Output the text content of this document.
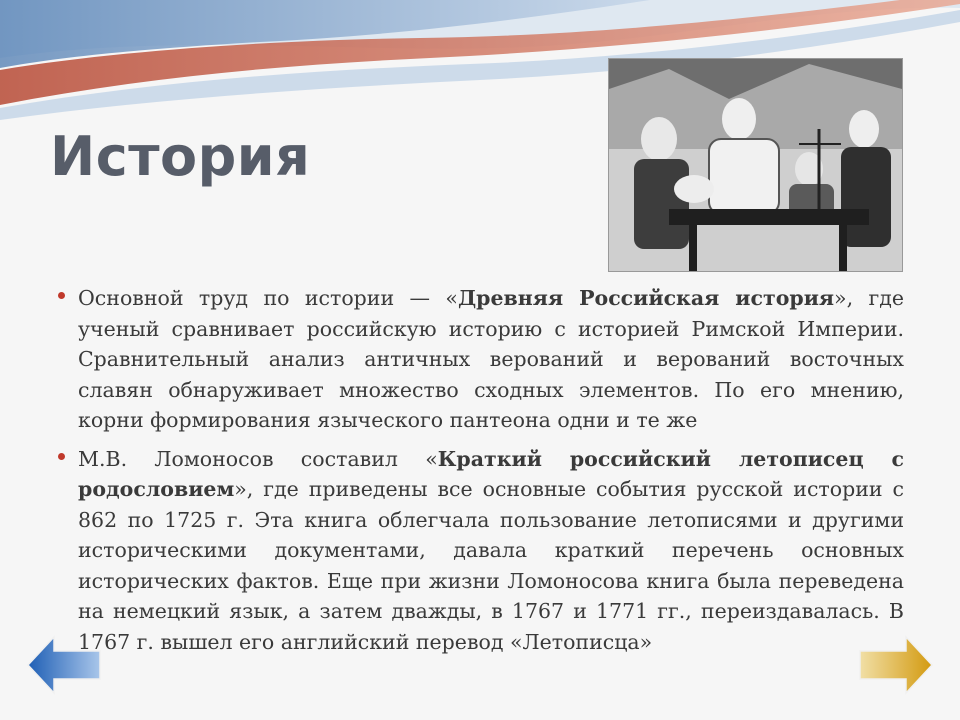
История

Основной труд по истории — «Древняя Российская история», где ученый сравнивает российскую историю с историей Римской Империи. Сравнительный анализ античных верований и верований восточных славян обнаруживает множество сходных элементов. По его мнению, корни формирования языческого пантеона одни и те же

М.В. Ломоносов составил «Краткий российский летописец с родословием», где приведены все основные события русской истории с 862 по 1725 г. Эта книга облегчала пользование летописями и другими историческими документами, давала краткий перечень основных исторических фактов. Еще при жизни Ломоносова книга была переведена на немецкий язык, а затем дважды, в 1767 и 1771 гг., переиздавалась. В 1767 г. вышел его английский перевод «Летописца»
